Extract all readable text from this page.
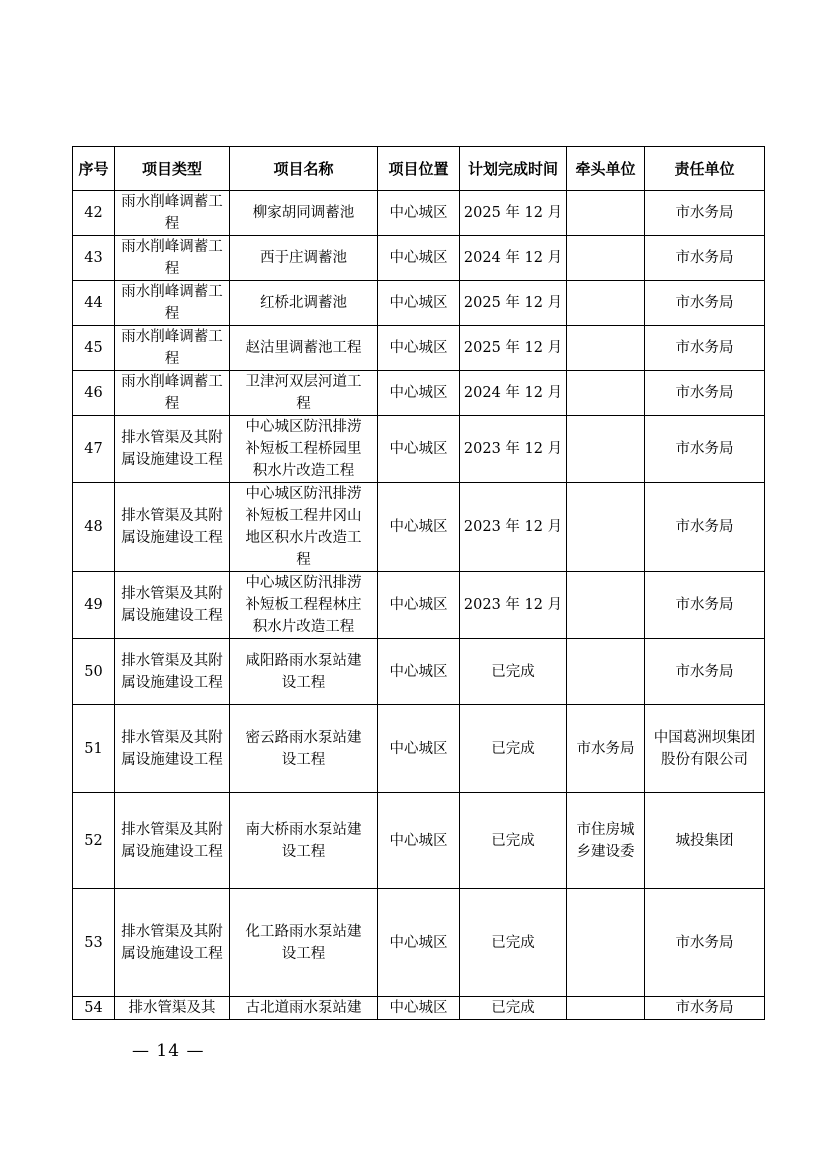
序号	项目类型	项目名称	项目位置	计划完成时间	牵头单位	责任单位
42	雨水削峰调蓄工程	柳家胡同调蓄池	中心城区	2025 年 12 月		市水务局
43	雨水削峰调蓄工程	西于庄调蓄池	中心城区	2024 年 12 月		市水务局
44	雨水削峰调蓄工程	红桥北调蓄池	中心城区	2025 年 12 月		市水务局
45	雨水削峰调蓄工程	赵沽里调蓄池工程	中心城区	2025 年 12 月		市水务局
46	雨水削峰调蓄工程	卫津河双层河道工程	中心城区	2024 年 12 月		市水务局
47	排水管渠及其附属设施建设工程	中心城区防汛排涝补短板工程桥园里积水片改造工程	中心城区	2023 年 12 月		市水务局
48	排水管渠及其附属设施建设工程	中心城区防汛排涝补短板工程井冈山地区积水片改造工程	中心城区	2023 年 12 月		市水务局
49	排水管渠及其附属设施建设工程	中心城区防汛排涝补短板工程程林庄积水片改造工程	中心城区	2023 年 12 月		市水务局
50	排水管渠及其附属设施建设工程	咸阳路雨水泵站建设工程	中心城区	已完成		市水务局
51	排水管渠及其附属设施建设工程	密云路雨水泵站建设工程	中心城区	已完成	市水务局	中国葛洲坝集团股份有限公司
52	排水管渠及其附属设施建设工程	南大桥雨水泵站建设工程	中心城区	已完成	市住房城乡建设委	城投集团
53	排水管渠及其附属设施建设工程	化工路雨水泵站建设工程	中心城区	已完成		市水务局
54	排水管渠及其	古北道雨水泵站建	中心城区	已完成		市水务局
— 14 —
